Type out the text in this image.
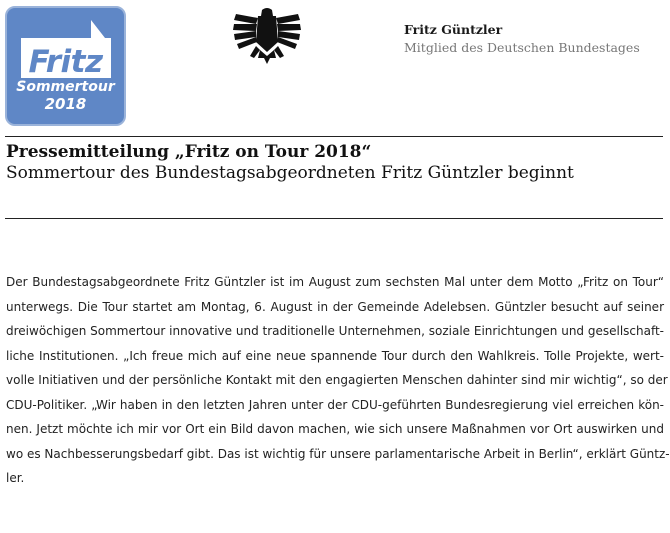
Fritz
Sommertour
2018
Fritz Güntzler
Mitglied des Deutschen Bundestages
Pressemitteilung „Fritz on Tour 2018“
Sommertour des Bundestagsabgeordneten Fritz Güntzler beginnt
Der Bundestagsabgeordnete Fritz Güntzler ist im August zum sechsten Mal unter dem Motto „Fritz on Tour“
unterwegs. Die Tour startet am Montag, 6. August in der Gemeinde Adelebsen. Güntzler besucht auf seiner
dreiwöchigen Sommertour innovative und traditionelle Unternehmen, soziale Einrichtungen und gesellschaft-
liche Institutionen. „Ich freue mich auf eine neue spannende Tour durch den Wahlkreis. Tolle Projekte, wert-
volle Initiativen und der persönliche Kontakt mit den engagierten Menschen dahinter sind mir wichtig“, so der
CDU-Politiker. „Wir haben in den letzten Jahren unter der CDU-geführten Bundesregierung viel erreichen kön-
nen. Jetzt möchte ich mir vor Ort ein Bild davon machen, wie sich unsere Maßnahmen vor Ort auswirken und
wo es Nachbesserungsbedarf gibt. Das ist wichtig für unsere parlamentarische Arbeit in Berlin“, erklärt Güntz-
ler.
